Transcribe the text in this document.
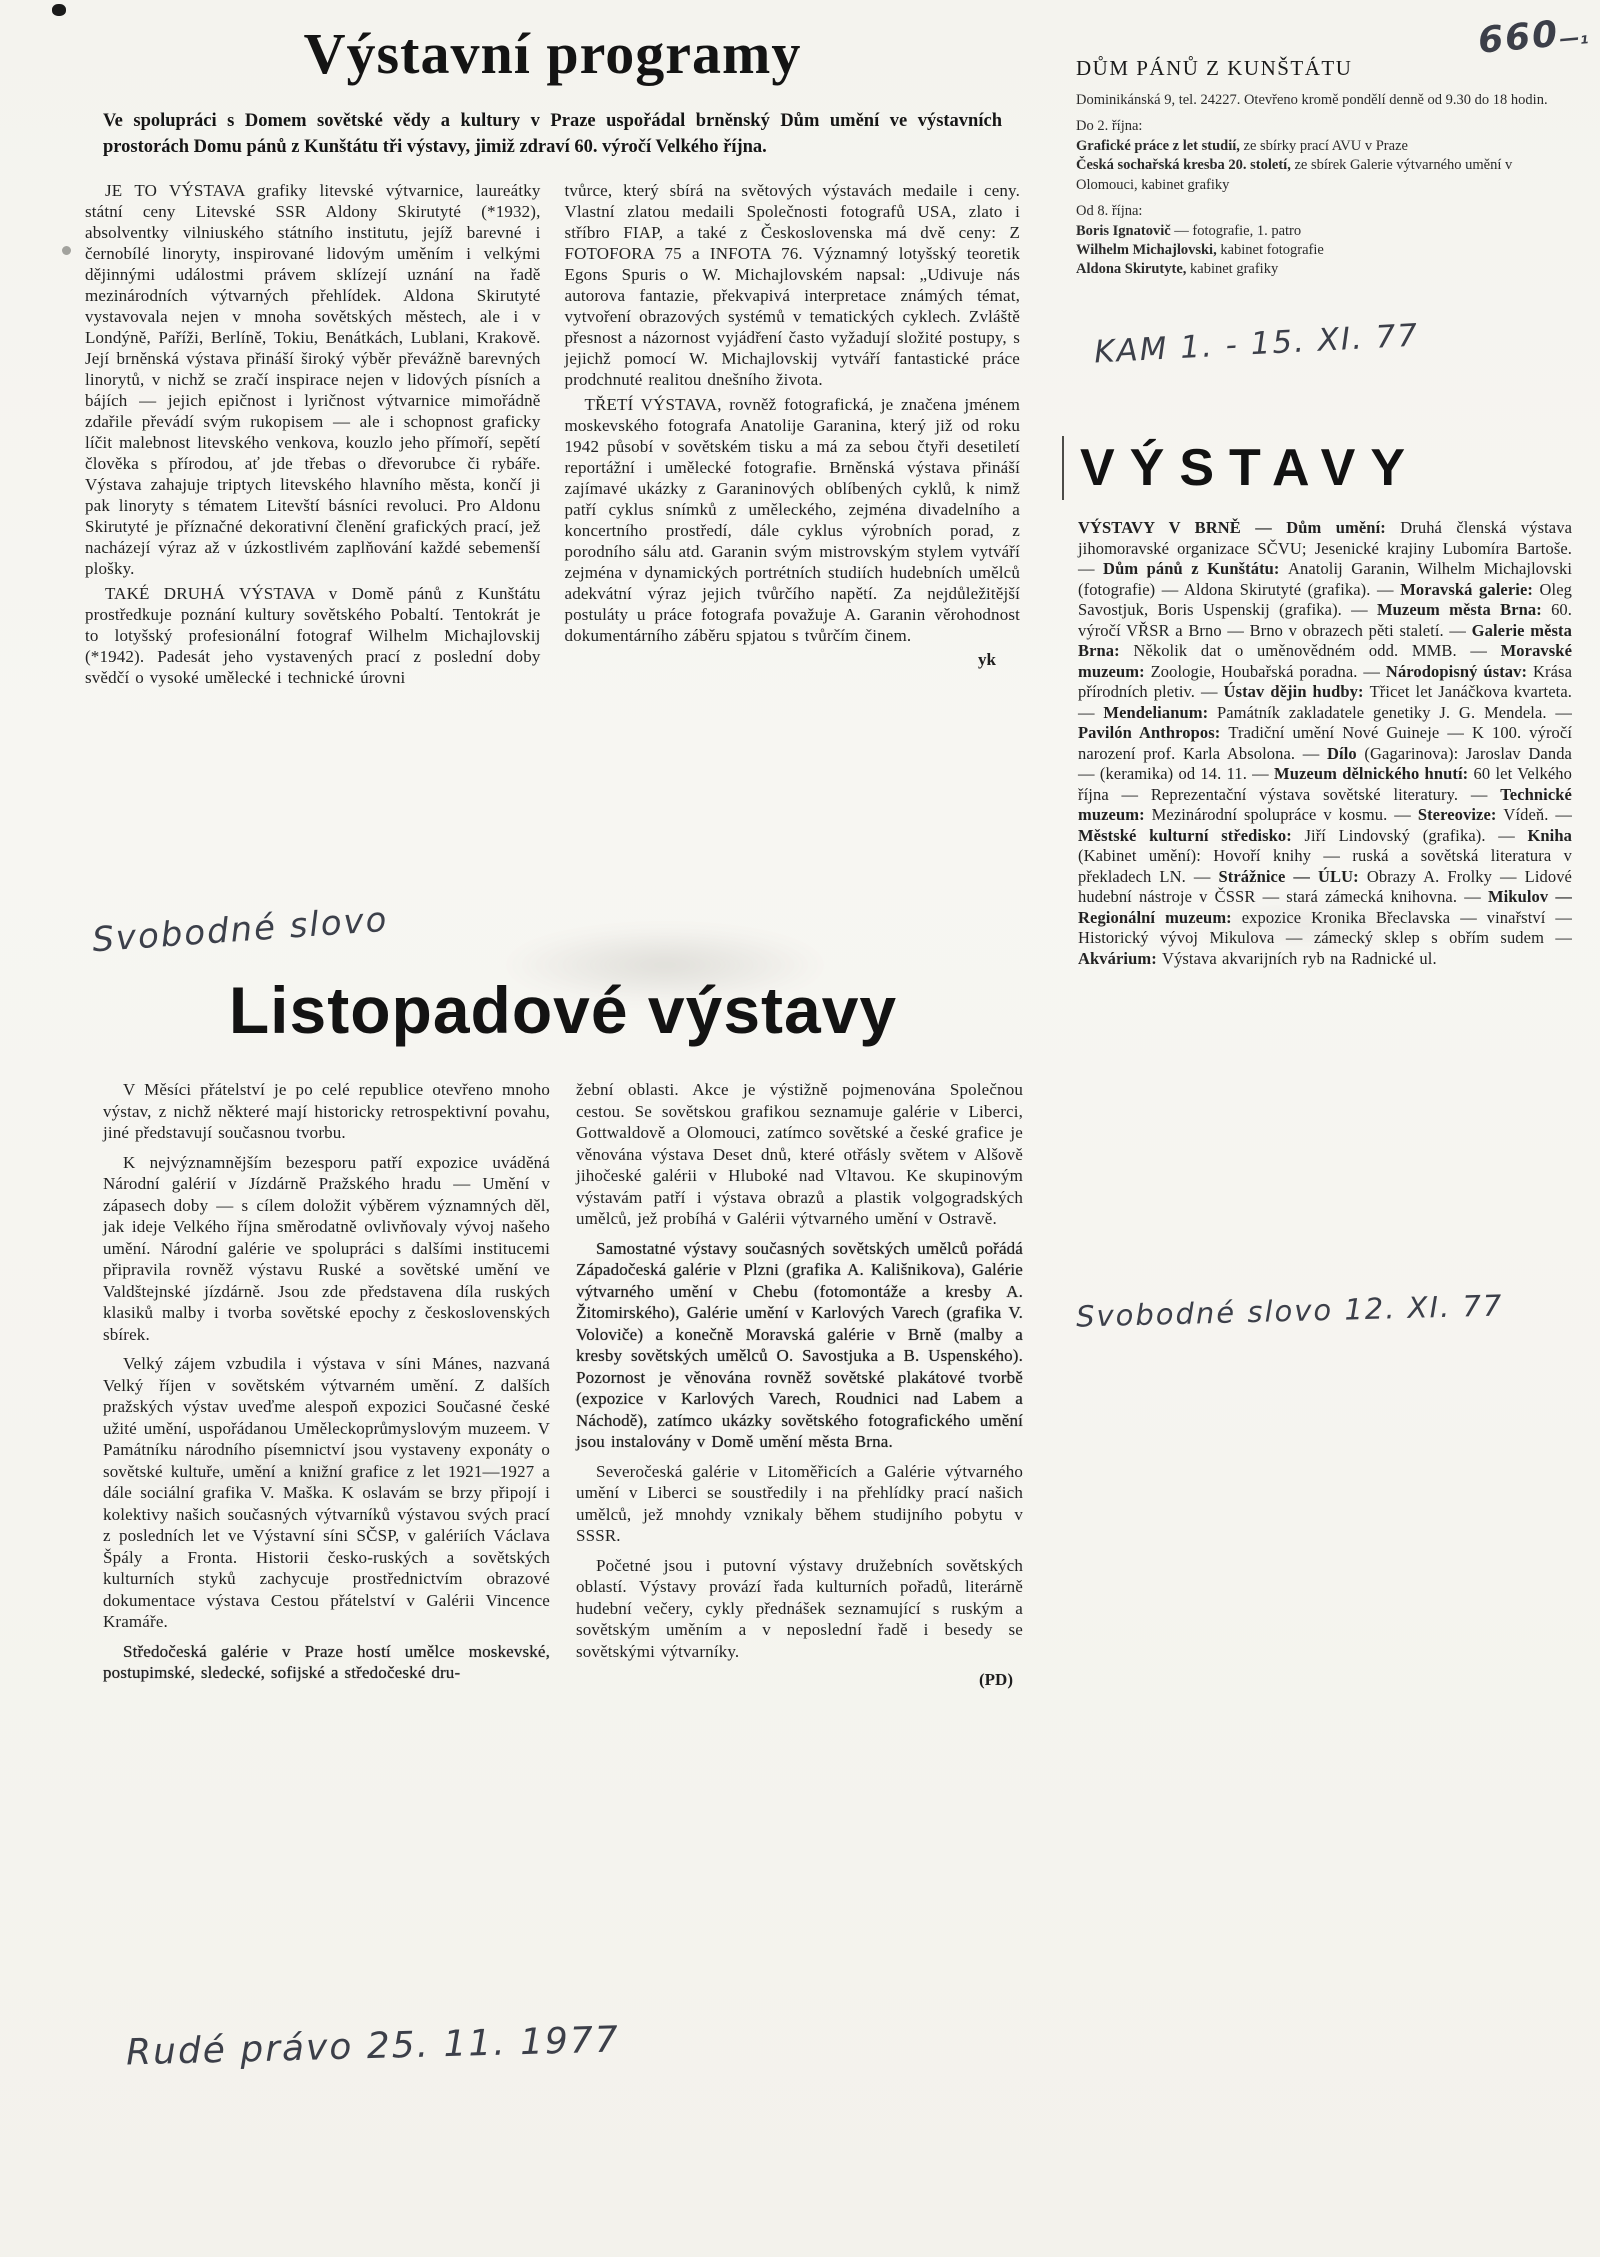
660 —₁
Výstavní programy

Ve spolupráci s Domem sovětské vědy a kultury v Praze uspořádal brněnský Dům umění ve výstavních prostorách Domu pánů z Kunštátu tři výstavy, jimiž zdraví 60. výročí Velkého října.

JE TO VÝSTAVA grafiky litevské výtvarnice, laureátky státní ceny Litevské SSR Aldony Skirutyté (*1932), absolventky vilniuského státního institutu, jejíž barevné i černobílé linoryty, inspirované lidovým uměním i velkými dějinnými událostmi právem sklízejí uznání na řadě mezinárodních výtvarných přehlídek. Aldona Skirutyté vystavovala nejen v mnoha sovětských městech, ale i v Londýně, Paříži, Berlíně, Tokiu, Benátkách, Lublani, Krakově. Její brněnská výstava přináší široký výběr převážně barevných linorytů, v nichž se zračí inspirace nejen v lidových písních a bájích — jejich epičnost i lyričnost výtvarnice mimořádně zdařile převádí svým rukopisem — ale i schopnost graficky líčit malebnost litevského venkova, kouzlo jeho přímoří, sepětí člověka s přírodou, ať jde třebas o dřevorubce či rybáře. Výstava zahajuje triptych litevského hlavního města, končí ji pak linoryty s tématem Litevští básníci revoluci. Pro Aldonu Skirutyté je příznačné dekorativní členění grafických prací, jež nacházejí výraz až v úzkostlivém zaplňování každé sebemenší plošky.

TAKÉ DRUHÁ VÝSTAVA v Domě pánů z Kunštátu prostředkuje poznání kultury sovětského Pobaltí. Tentokrát je to lotyšský profesionální fotograf Wilhelm Michajlovskij (*1942). Padesát jeho vystavených prací z poslední doby svědčí o vysoké umělecké i technické úrovni

tvůrce, který sbírá na světových výstavách medaile i ceny. Vlastní zlatou medaili Společnosti fotografů USA, zlato i stříbro FIAP, a také z Československa má dvě ceny: Z FOTOFORA 75 a INFOTA 76. Významný lotyšský teoretik Egons Spuris o W. Michajlovském napsal: „Udivuje nás autorova fantazie, překvapivá interpretace známých témat, vytvoření obrazových systémů v tematických cyklech. Zvláště přesnost a názornost vyjádření často vyžadují složité postupy, s jejichž pomocí W. Michajlovskij vytváří fantastické práce prodchnuté realitou dnešního života.

TŘETÍ VÝSTAVA, rovněž fotografická, je značena jménem moskevského fotografa Anatolije Garanina, který již od roku 1942 působí v sovětském tisku a má za sebou čtyři desetiletí reportážní i umělecké fotografie. Brněnská výstava přináší zajímavé ukázky z Garaninových oblíbených cyklů, k nimž patří cyklus snímků z uměleckého, zejména divadelního a koncertního prostředí, dále cyklus výrobních porad, z porodního sálu atd. Garanin svým mistrovským stylem vytváří zejména v dynamických portrétních studiích hudebních umělců adekvátní výraz jejich tvůrčího napětí. Za nejdůležitější postuláty u práce fotografa považuje A. Garanin věrohodnost dokumentárního záběru spjatou s tvůrčím činem.

yk
Svobodné slovo
DŮM PÁNŮ Z KUNŠTÁTU

Dominikánská 9, tel. 24227. Otevřeno kromě pondělí denně od 9.30 do 18 hodin.

Do 2. října:

Grafické práce z let studií, ze sbírky prací AVU v Praze

Česká sochařská kresba 20. století, ze sbírek Galerie výtvarného umění v Olomouci, kabinet grafiky

Od 8. října:

Boris Ignatovič — fotografie, 1. patro

Wilhelm Michajlovski, kabinet fotografie

Aldona Skirutyte, kabinet grafiky

KAM 1. - 15. XI. 77
VÝSTAVY

VÝSTAVY V BRNĚ — Dům umění: Druhá členská výstava jihomoravské organizace SČVU; Jesenické krajiny Lubomíra Bartoše. — Dům pánů z Kunštátu: Anatolij Garanin, Wilhelm Michajlovski (fotografie) — Aldona Skirutyté (grafika). — Moravská galerie: Oleg Savostjuk, Boris Uspenskij (grafika). — Muzeum města Brna: 60. výročí VŘSR a Brno — Brno v obrazech pěti staletí. — Galerie města Brna: Několik dat o uměnovědném odd. MMB. — Moravské muzeum: Zoologie, Houbařská poradna. — Národopisný ústav: Krása přírodních pletiv. — Ústav dějin hudby: Třicet let Janáčkova kvarteta. — Mendelianum: Památník zakladatele genetiky J. G. Mendela. — Pavilón Anthropos: Tradiční umění Nové Guineje — K 100. výročí narození prof. Karla Absolona. — Dílo (Gagarinova): Jaroslav Danda — (keramika) od 14. 11. — Muzeum dělnického hnutí: 60 let Velkého října — Reprezentační výstava sovětské literatury. — Technické muzeum: Mezinárodní spolupráce v kosmu. — Stereovize: Vídeň. — Městské kulturní středisko: Jiří Lindovský (grafika). — Kniha (Kabinet umění): Hovoří knihy — ruská a sovětská literatura v překladech LN. — Strážnice — ÚLU: Obrazy A. Frolky — Lidové hudební nástroje v ČSSR — stará zámecká knihovna. — Mikulov — Regionální muzeum: expozice Kronika Břeclavska — vinařství — Historický vývoj Mikulova — zámecký sklep s obřím sudem — Akvárium: Výstava akvarijních ryb na Radnické ul.

Svobodné slovo 12. XI. 77
Listopadové výstavy

V Měsíci přátelství je po celé republice otevřeno mnoho výstav, z nichž některé mají historicky retrospektivní povahu, jiné představují současnou tvorbu.

K nejvýznamnějším bezesporu patří expozice uváděná Národní galérií v Jízdárně Pražského hradu — Umění v zápasech doby — s cílem doložit výběrem významných děl, jak ideje Velkého října směrodatně ovlivňovaly vývoj našeho umění. Národní galérie ve spolupráci s dalšími institucemi připravila rovněž výstavu Ruské a sovětské umění ve Valdštejnské jízdárně. Jsou zde představena díla ruských klasiků malby i tvorba sovětské epochy z československých sbírek.

Velký zájem vzbudila i výstava v síni Mánes, nazvaná Velký říjen v sovětském výtvarném umění. Z dalších pražských výstav uveďme alespoň expozici Současné české užité umění, uspořádanou Uměleckoprůmyslovým muzeem. V Památníku národního písemnictví jsou vystaveny exponáty o sovětské kultuře, umění a knižní grafice z let 1921—1927 a dále sociální grafika V. Maška. K oslavám se brzy připojí i kolektivy našich současných výtvarníků výstavou svých prací z posledních let ve Výstavní síni SČSP, v galériích Václava Špály a Fronta. Historii česko-ruských a sovětských kulturních styků zachycuje prostřednictvím obrazové dokumentace výstava Cestou přátelství v Galérii Vincence Kramáře.

Středočeská galérie v Praze hostí umělce moskevské, postupimské, sledecké, sofijské a středočeské dru-

žební oblasti. Akce je výstižně pojmenována Společnou cestou. Se sovětskou grafikou seznamuje galérie v Liberci, Gottwaldově a Olomouci, zatímco sovětské a české grafice je věnována výstava Deset dnů, které otřásly světem v Alšově jihočeské galérii v Hluboké nad Vltavou. Ke skupinovým výstavám patří i výstava obrazů a plastik volgogradských umělců, jež probíhá v Galérii výtvarného umění v Ostravě.

Samostatné výstavy současných sovětských umělců pořádá Západočeská galérie v Plzni (grafika A. Kališnikova), Galérie výtvarného umění v Chebu (fotomontáže a kresby A. Žitomirského), Galérie umění v Karlových Varech (grafika V. Voloviče) a konečně Moravská galérie v Brně (malby a kresby sovětských umělců O. Savostjuka a B. Uspenského). Pozornost je věnována rovněž sovětské plakátové tvorbě (expozice v Karlových Varech, Roudnici nad Labem a Náchodě), zatímco ukázky sovětského fotografického umění jsou instalovány v Domě umění města Brna.

Severočeská galérie v Litoměřicích a Galérie výtvarného umění v Liberci se soustředily i na přehlídky prací našich umělců, jež mnohdy vznikaly během studijního pobytu v SSSR.

Početné jsou i putovní výstavy družebních sovětských oblastí. Výstavy provází řada kulturních pořadů, literárně hudební večery, cykly přednášek seznamující s ruským a sovětským uměním a v neposlední řadě i besedy se sovětskými výtvarníky.

(PD)
Rudé právo 25. 11. 1977
